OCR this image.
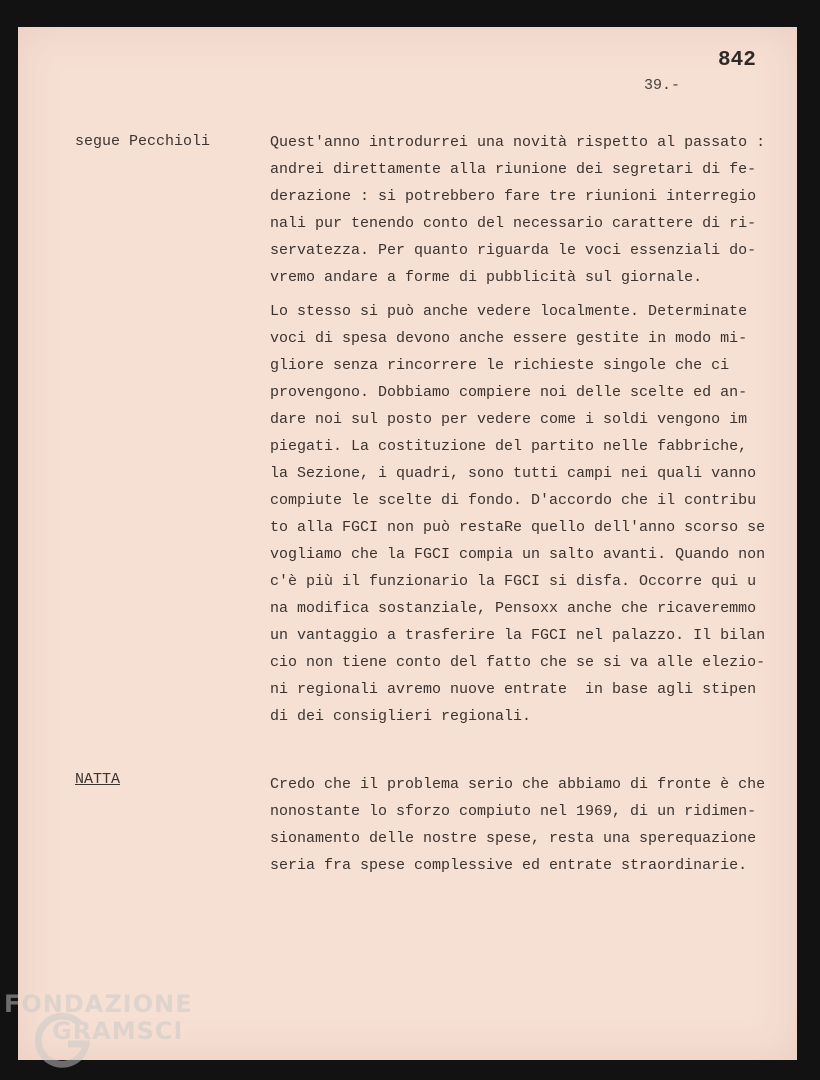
842
39.-
segue Pecchioli	Quest'anno introdurrei una novità rispetto al passato :
andrei direttamente alla riunione dei segretari di fe-
derazione : si potrebbero fare tre riunioni interregio
nali pur tenendo conto del necessario carattere di ri-
servatezza. Per quanto riguarda le voci essenziali do-
vremo andare a forme di pubblicità sul giornale.
Lo stesso si può anche vedere localmente. Determinate
voci di spesa devono anche essere gestite in modo mi-
gliore senza rincorrere le richieste singole che ci
provengono. Dobbiamo compiere noi delle scelte ed an-
dare noi sul posto per vedere come i soldi vengono im
piegati. La costituzione del partito nelle fabbriche,
la Sezione, i quadri, sono tutti campi nei quali vanno
compiute le scelte di fondo. D'accordo che il contribu
to alla FGCI non può restaRe quello dell'anno scorso se
vogliamo che la FGCI compia un salto avanti. Quando non
c'è più il funzionario la FGCI si disfa. Occorre qui u
na modifica sostanziale, Pensoxx anche che ricaveremmo
un vantaggio a trasferire la FGCI nel palazzo. Il bilan
cio non tiene conto del fatto che se si va alle elezio-
ni regionali avremo nuove entrate  in base agli stipen
di dei consiglieri regionali.
NATTA	Credo che il problema serio che abbiamo di fronte è che
nonostante lo sforzo compiuto nel 1969, di un ridimen-
sionamento delle nostre spese, resta una sperequazione
seria fra spese complessive ed entrate straordinarie.
FONDAZIONE
GRAMSCI
